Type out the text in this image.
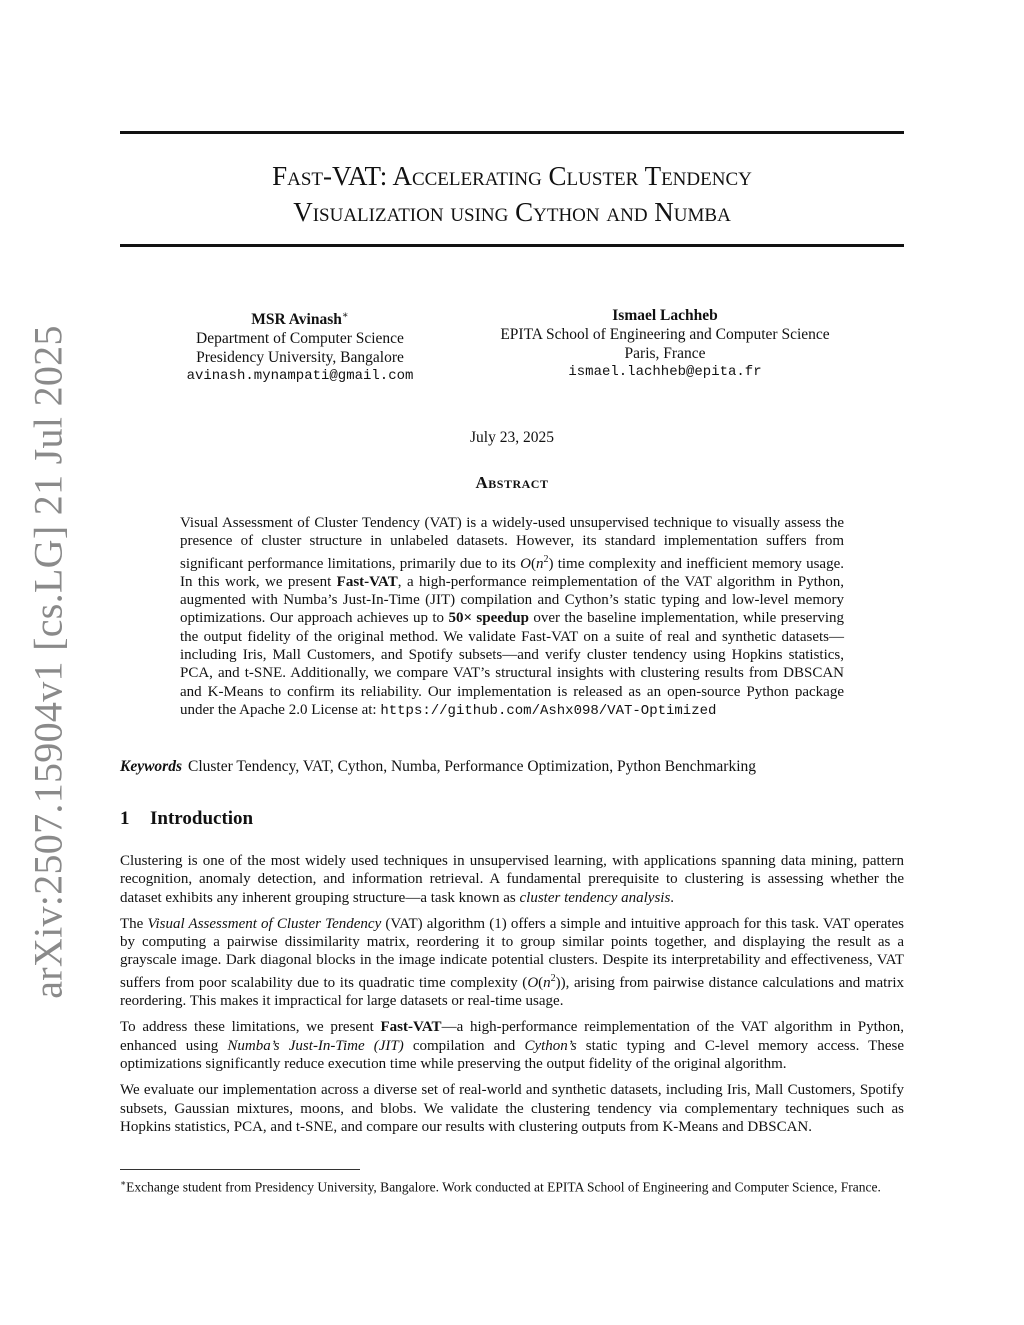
arXiv:2507.15904v1 [cs.LG] 21 Jul 2025
Fast-VAT: Accelerating Cluster Tendency
Visualization using Cython and Numba
MSR Avinash∗
Department of Computer Science
Presidency University, Bangalore
avinash.mynampati@gmail.com
Ismael Lachheb
EPITA School of Engineering and Computer Science
Paris, France
ismael.lachheb@epita.fr
July 23, 2025
Abstract

Visual Assessment of Cluster Tendency (VAT) is a widely-used unsupervised technique to visually assess the presence of cluster structure in unlabeled datasets. However, its standard implementation suffers from significant performance limitations, primarily due to its $O(n^2)$ time complexity and inefficient memory usage. In this work, we present Fast-VAT, a high-performance reimplementation of the VAT algorithm in Python, augmented with Numba’s Just-In-Time (JIT) compilation and Cython’s static typing and low-level memory optimizations. Our approach achieves up to 50× speedup over the baseline implementation, while preserving the output fidelity of the original method. We validate Fast-VAT on a suite of real and synthetic datasets—including Iris, Mall Customers, and Spotify subsets—and verify cluster tendency using Hopkins statistics, PCA, and t-SNE. Additionally, we compare VAT’s structural insights with clustering results from DBSCAN and K-Means to confirm its reliability. Our implementation is released as an open-source Python package under the Apache 2.0 License at: https://github.com/Ashx098/VAT-Optimized

Keywords Cluster Tendency, VAT, Cython, Numba, Performance Optimization, Python Benchmarking
1 Introduction

Clustering is one of the most widely used techniques in unsupervised learning, with applications spanning data mining, pattern recognition, anomaly detection, and information retrieval. A fundamental prerequisite to clustering is assessing whether the dataset exhibits any inherent grouping structure—a task known as cluster tendency analysis.

The Visual Assessment of Cluster Tendency (VAT) algorithm (1) offers a simple and intuitive approach for this task. VAT operates by computing a pairwise dissimilarity matrix, reordering it to group similar points together, and displaying the result as a grayscale image. Dark diagonal blocks in the image indicate potential clusters. Despite its interpretability and effectiveness, VAT suffers from poor scalability due to its quadratic time complexity $(O(n^2))$, arising from pairwise distance calculations and matrix reordering. This makes it impractical for large datasets or real-time usage.

To address these limitations, we present Fast-VAT—a high-performance reimplementation of the VAT algorithm in Python, enhanced using Numba’s Just-In-Time (JIT) compilation and Cython’s static typing and C-level memory access. These optimizations significantly reduce execution time while preserving the output fidelity of the original algorithm.

We evaluate our implementation across a diverse set of real-world and synthetic datasets, including Iris, Mall Customers, Spotify subsets, Gaussian mixtures, moons, and blobs. We validate the clustering tendency via complementary techniques such as Hopkins statistics, PCA, and t-SNE, and compare our results with clustering outputs from K-Means and DBSCAN.

∗Exchange student from Presidency University, Bangalore. Work conducted at EPITA School of Engineering and Computer Science, France.
